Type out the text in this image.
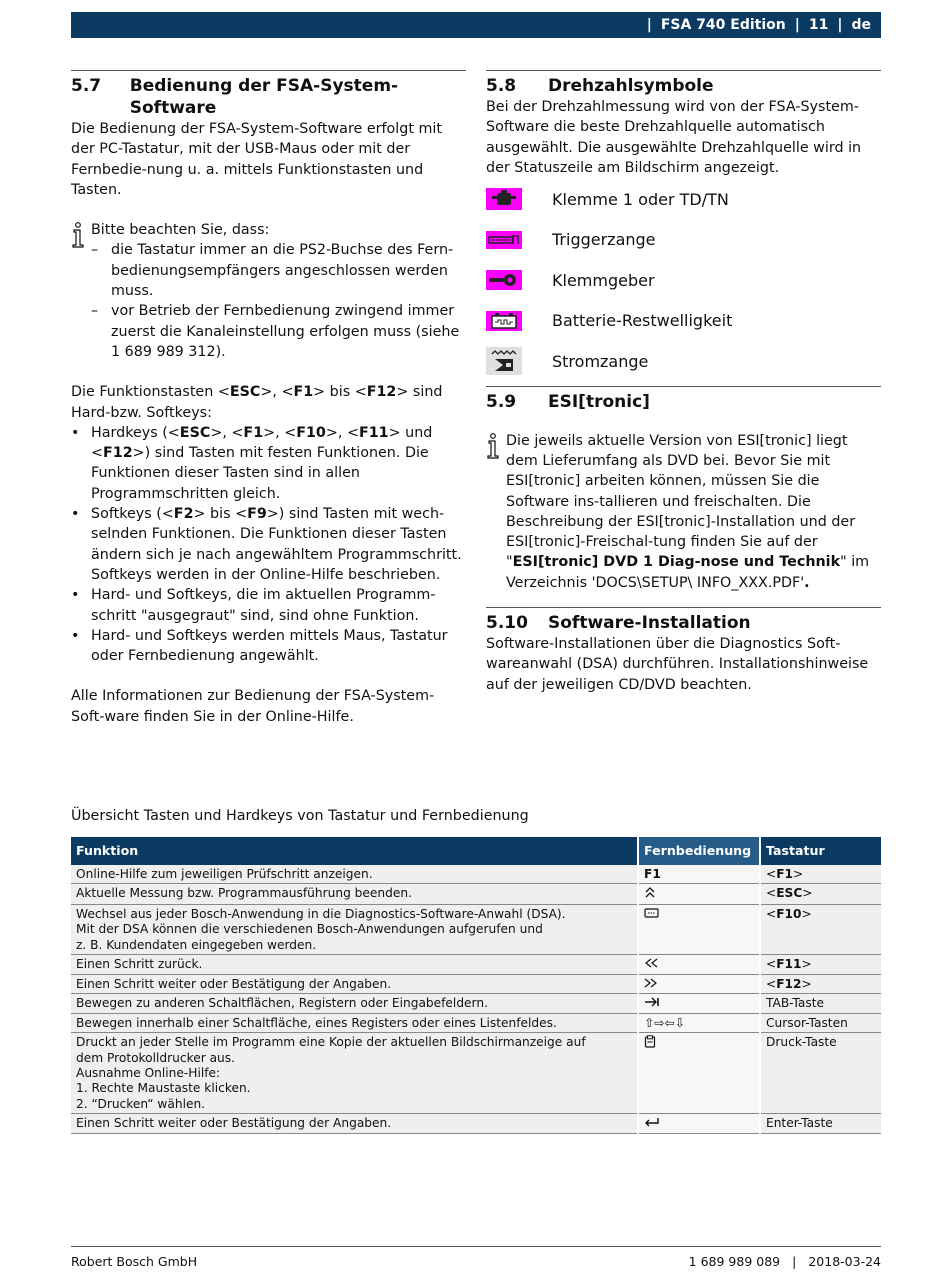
| FSA 740 Edition | 11 | de
5.7	Bedienung der FSA-System-Software

Die Bedienung der FSA-System-Software erfolgt mit der PC-Tastatur, mit der USB-Maus oder mit der Fernbedie-nung u. a. mittels Funktionstasten und Tasten.

Bitte beachten Sie, dass:

– die Tastatur immer an die PS2-Buchse des Fern-bedienungsempfängers angeschlossen werden muss.
– vor Betrieb der Fernbedienung zwingend immer zuerst die Kanaleinstellung erfolgen muss (siehe 1 689 989 312).

Die Funktionstasten <ESC>, <F1> bis <F12> sind Hard-bzw. Softkeys:

• Hardkeys (<ESC>, <F1>, <F10>, <F11> und <F12>) sind Tasten mit festen Funktionen. Die Funktionen dieser Tasten sind in allen Programmschritten gleich.
• Softkeys (<F2> bis <F9>) sind Tasten mit wech-selnden Funktionen. Die Funktionen dieser Tasten ändern sich je nach angewähltem Programmschritt. Softkeys werden in der Online-Hilfe beschrieben.
• Hard- und Softkeys, die im aktuellen Programm-schritt "ausgegraut" sind, sind ohne Funktion.
• Hard- und Softkeys werden mittels Maus, Tastatur oder Fernbedienung angewählt.

Alle Informationen zur Bedienung der FSA-System-Soft-ware finden Sie in der Online-Hilfe.

5.8	Drehzahlsymbole

Bei der Drehzahlmessung wird von der FSA-System-Software die beste Drehzahlquelle automatisch ausgewählt. Die ausgewählte Drehzahlquelle wird in der Statuszeile am Bildschirm angezeigt.

Klemme 1 oder TD/TN
Triggerzange
Klemmgeber
Batterie-Restwelligkeit
Stromzange
5.9	ESI[tronic]

Die jeweils aktuelle Version von ESI[tronic] liegt dem Lieferumfang als DVD bei. Bevor Sie mit ESI[tronic] arbeiten können, müssen Sie die Software ins-tallieren und freischalten. Die Beschreibung der ESI[tronic]-Installation und der ESI[tronic]-Freischal-tung finden Sie auf der "ESI[tronic] DVD 1 Diag-nose und Technik" im Verzeichnis 'DOCS\SETUP\ INFO_XXX.PDF'.

5.10	Software-Installation

Software-Installationen über die Diagnostics Soft-wareanwahl (DSA) durchführen. Installationshinweise auf der jeweiligen CD/DVD beachten.

Übersicht Tasten und Hardkeys von Tastatur und Fernbedienung
Funktion	Fernbedienung	Tastatur

Online-Hilfe zum jeweiligen Prüfschritt anzeigen.	F1	<F1>

Aktuelle Messung bzw. Programmausführung beenden.		<ESC>

Wechsel aus jeder Bosch-Anwendung in die Diagnostics-Software-Anwahl (DSA).
Mit der DSA können die verschiedenen Bosch-Anwendungen aufgerufen und
z. B. Kundendaten eingegeben werden.		<F10>

Einen Schritt zurück.		<F11>

Einen Schritt weiter oder Bestätigung der Angaben.		<F12>

Bewegen zu anderen Schaltflächen, Registern oder Eingabefeldern.		TAB-Taste

Bewegen innerhalb einer Schaltfläche, eines Registers oder eines Listenfeldes.	⇧⇨⇦⇩	Cursor-Tasten

Druckt an jeder Stelle im Programm eine Kopie der aktuellen Bildschirmanzeige auf
dem Protokolldrucker aus.
Ausnahme Online-Hilfe:
1. Rechte Maustaste klicken.
2. “Drucken“ wählen.		Druck-Taste

Einen Schritt weiter oder Bestätigung der Angaben.		Enter-Taste
Robert Bosch GmbH	1 689 989 089 | 2018-03-24
